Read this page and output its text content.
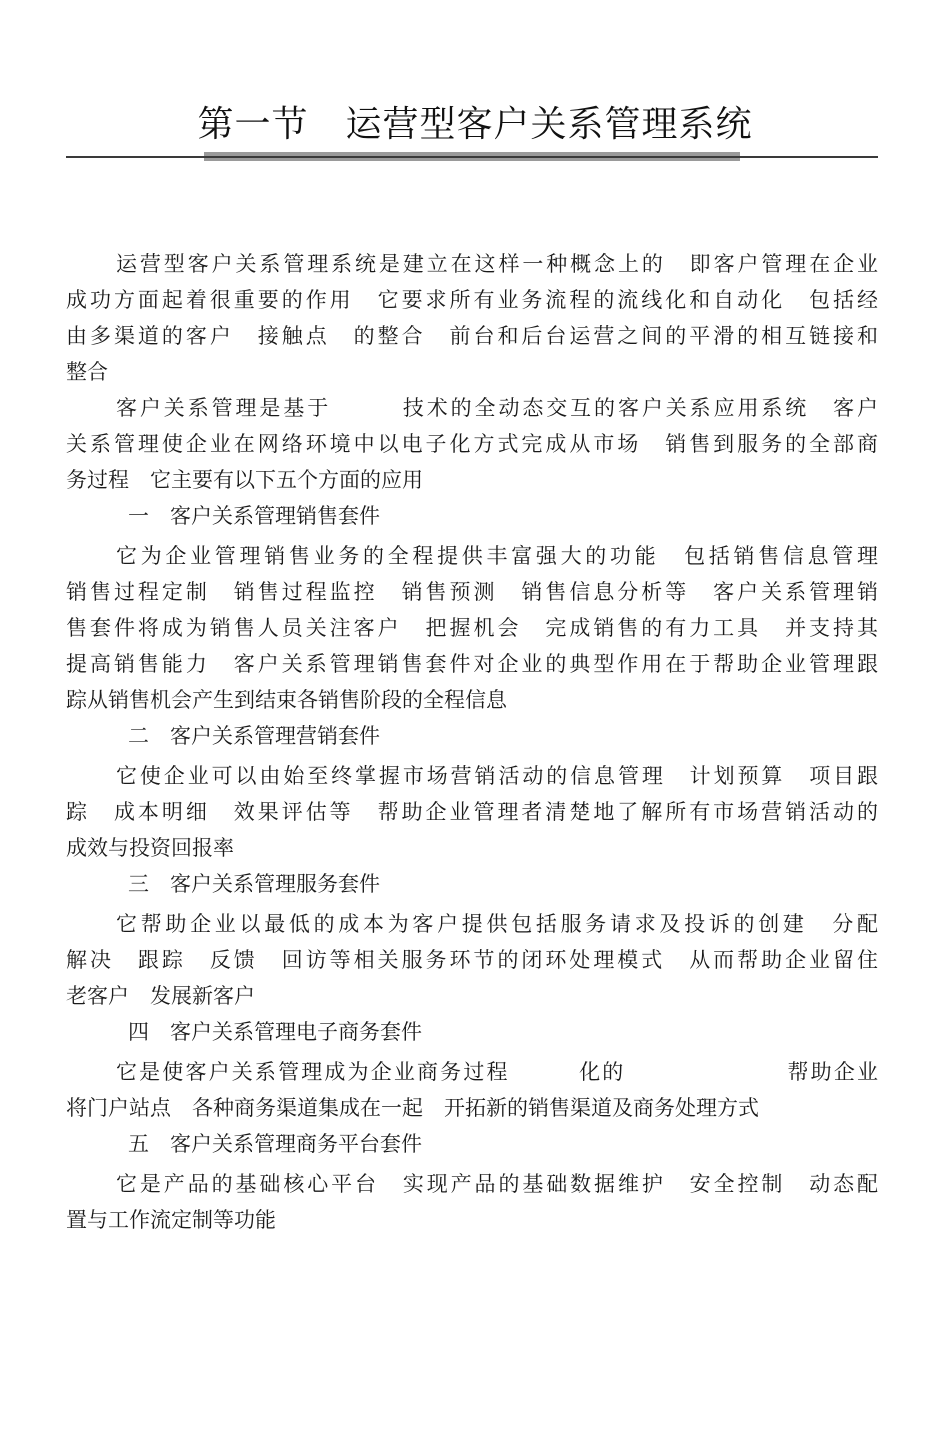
第一节　运营型客户关系管理系统
运营型客户关系管理系统是建立在这样一种概念上的　即客户管理在企业
成功方面起着很重要的作用　它要求所有业务流程的流线化和自动化　包括经
由多渠道的客户　接触点　的整合　前台和后台运营之间的平滑的相互链接和
整合
客户关系管理是基于　　　技术的全动态交互的客户关系应用系统　客户
关系管理使企业在网络环境中以电子化方式完成从市场　销售到服务的全部商
务过程　它主要有以下五个方面的应用
一　客户关系管理销售套件
它为企业管理销售业务的全程提供丰富强大的功能　包括销售信息管理
销售过程定制　销售过程监控　销售预测　销售信息分析等　客户关系管理销
售套件将成为销售人员关注客户　把握机会　完成销售的有力工具　并支持其
提高销售能力　客户关系管理销售套件对企业的典型作用在于帮助企业管理跟
踪从销售机会产生到结束各销售阶段的全程信息
二　客户关系管理营销套件
它使企业可以由始至终掌握市场营销活动的信息管理　计划预算　项目跟
踪　成本明细　效果评估等　帮助企业管理者清楚地了解所有市场营销活动的
成效与投资回报率
三　客户关系管理服务套件
它帮助企业以最低的成本为客户提供包括服务请求及投诉的创建　分配
解决　跟踪　反馈　回访等相关服务环节的闭环处理模式　从而帮助企业留住
老客户　发展新客户
四　客户关系管理电子商务套件
它是使客户关系管理成为企业商务过程　　　化的　　　　　　　帮助企业
将门户站点　各种商务渠道集成在一起　开拓新的销售渠道及商务处理方式
五　客户关系管理商务平台套件
它是产品的基础核心平台　实现产品的基础数据维护　安全控制　动态配
置与工作流定制等功能
